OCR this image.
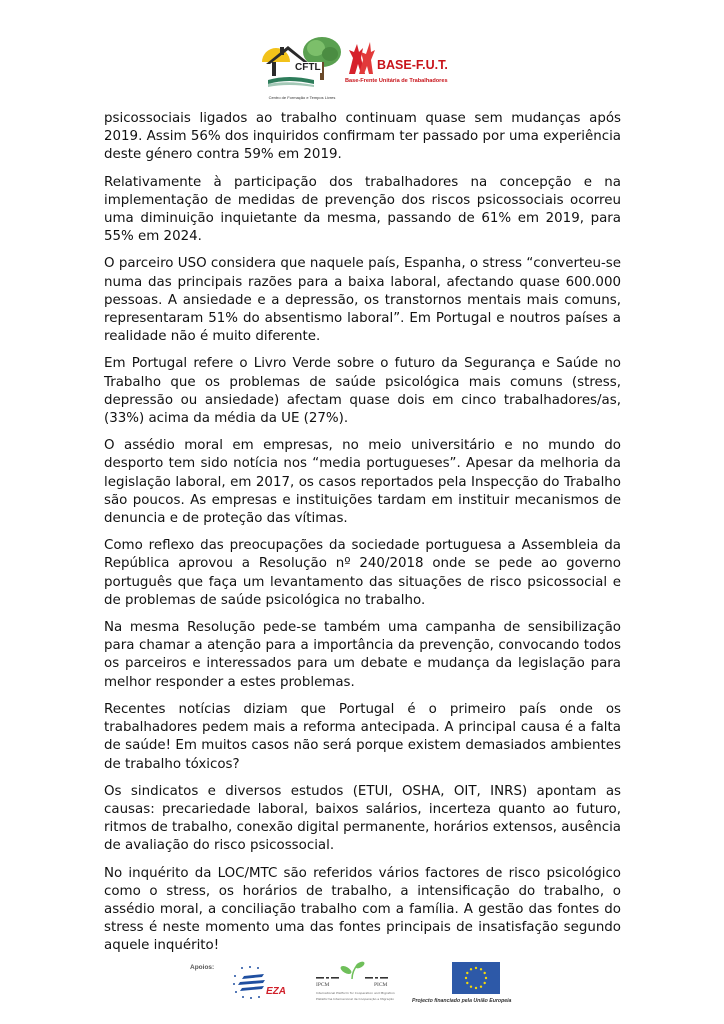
CFTL
Centro de Formação e Tempos Livres
BASE-F.U.T.
Base-Frente Unitária de Trabalhadores

psicossociais ligados ao trabalho continuam quase sem mudanças após 2019. Assim 56% dos inquiridos confirmam ter passado por uma experiência deste género contra 59% em 2019.

Relativamente à participação dos trabalhadores na concepção e na implementação de medidas de prevenção dos riscos psicossociais ocorreu uma diminuição inquietante da mesma, passando de 61% em 2019, para 55% em 2024.

O parceiro USO considera que naquele país, Espanha, o stress “converteu-se numa das principais razões para a baixa laboral, afectando quase 600.000 pessoas. A ansiedade e a depressão, os transtornos mentais mais comuns, representaram 51% do absentismo laboral”. Em Portugal e noutros países a realidade não é muito diferente.

Em Portugal refere o Livro Verde sobre o futuro da Segurança e Saúde no Trabalho que os problemas de saúde psicológica mais comuns (stress, depressão ou ansiedade) afectam quase dois em cinco trabalhadores/as, (33%) acima da média da UE (27%).

O assédio moral em empresas, no meio universitário e no mundo do desporto tem sido notícia nos “media portugueses”. Apesar da melhoria da legislação laboral, em 2017, os casos reportados pela Inspecção do Trabalho são poucos. As empresas e instituições tardam em instituir mecanismos de denuncia e de proteção das vítimas.

Como reflexo das preocupações da sociedade portuguesa a Assembleia da República aprovou a Resolução nº 240/2018 onde se pede ao governo português que faça um levantamento das situações de risco psicossocial e de problemas de saúde psicológica no trabalho.

Na mesma Resolução pede-se também uma campanha de sensibilização para chamar a atenção para a importância da prevenção, convocando todos os parceiros e interessados para um debate e mudança da legislação para melhor responder a estes problemas.

Recentes notícias diziam que Portugal é o primeiro país onde os trabalhadores pedem mais a reforma antecipada. A principal causa é a falta de saúde! Em muitos casos não será porque existem demasiados ambientes de trabalho tóxicos?

Os sindicatos e diversos estudos (ETUI, OSHA, OIT, INRS) apontam as causas: precariedade laboral, baixos salários, incerteza quanto ao futuro, ritmos de trabalho, conexão digital permanente, horários extensos, ausência de avaliação do risco psicossocial.

No inquérito da LOC/MTC são referidos vários factores de risco psicológico como o stress, os horários de trabalho, a intensificação do trabalho, o assédio moral, a conciliação trabalho com a família. A gestão das fontes do stress é neste momento uma das fontes principais de insatisfação segundo aquele inquérito!

Apoios:
EZA
IPCM	PICM
International Platform for Cooperation and Migration
Plataforma Internacional de Cooperação e Migração	Projecto financiado pela União Europeia
